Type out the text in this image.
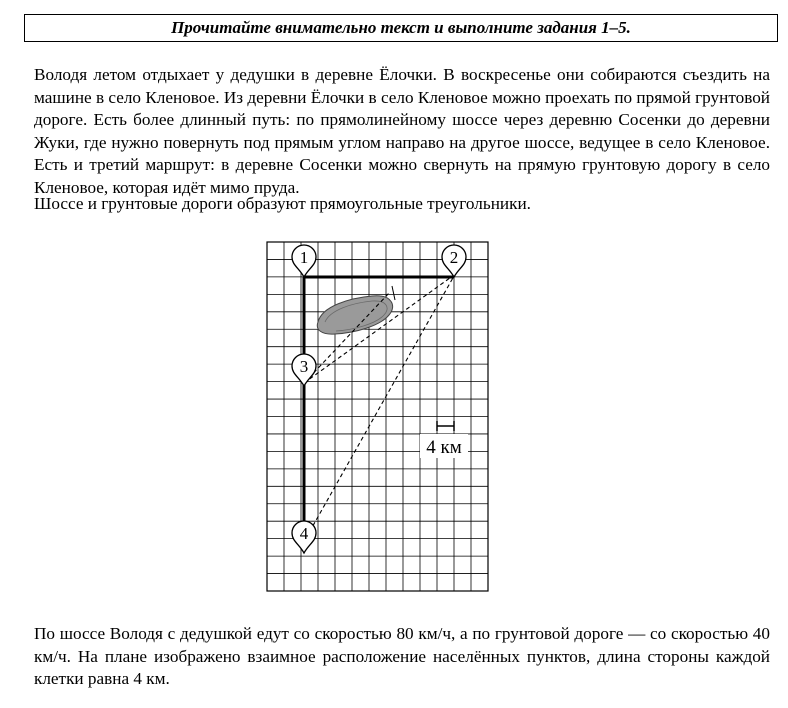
Прочитайте внимательно текст и выполните задания 1–5.
Володя летом отдыхает у дедушки в деревне Ёлочки. В воскресенье они собираются съездить на машине в село Кленовое. Из деревни Ёлочки в село Кленовое можно проехать по прямой грунтовой дороге. Есть более длинный путь: по прямолинейному шоссе через деревню Сосенки до деревни Жуки, где нужно повернуть под прямым углом направо на другое шоссе, ведущее в село Кленовое. Есть и третий маршрут: в деревне Сосенки можно свернуть на прямую грунтовую дорогу в село Кленовое, которая идёт мимо пруда.
Шоссе и грунтовые дороги образуют прямоугольные треугольники.
4 км
1	2
3
4
По шоссе Володя с дедушкой едут со скоростью 80 км/ч, а по грунтовой дороге — со скоростью 40 км/ч. На плане изображено взаимное расположение населённых пунктов, длина стороны каждой клетки равна 4 км.
